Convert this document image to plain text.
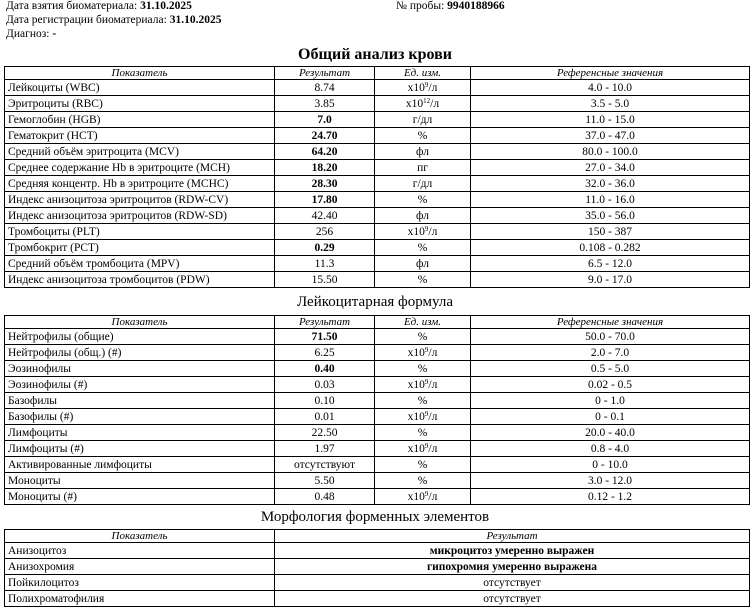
Дата взятия биоматериала: 31.10.2025
Дата регистрации биоматериала: 31.10.2025
Диагноз: -
№ пробы: 9940188966
Общий анализ крови
Показатель	Результат	Ед. изм.	Референсные значения
Лейкоциты (WBC)	8.74	$x10^9/л$	4.0 - 10.0
Эритроциты (RBC)	3.85	$x10^{12}/л$	3.5 - 5.0
Гемоглобин (HGB)	7.0	г/дл	11.0 - 15.0
Гематокрит (HCT)	24.70	%	37.0 - 47.0
Средний объём эритроцита (MCV)	64.20	фл	80.0 - 100.0
Среднее содержание Hb в эритроците (MCH)	18.20	пг	27.0 - 34.0
Средняя концентр. Hb в эритроците (MCHC)	28.30	г/дл	32.0 - 36.0
Индекс анизоцитоза эритроцитов (RDW-CV)	17.80	%	11.0 - 16.0
Индекс анизоцитоза эритроцитов (RDW-SD)	42.40	фл	35.0 - 56.0
Тромбоциты (PLT)	256	$x10^9/л$	150 - 387
Тромбокрит (PCT)	0.29	%	0.108 - 0.282
Средний объём тромбоцита (MPV)	11.3	фл	6.5 - 12.0
Индекс анизоцитоза тромбоцитов (PDW)	15.50	%	9.0 - 17.0
Лейкоцитарная формула
Показатель	Результат	Ед. изм.	Референсные значения
Нейтрофилы (общие)	71.50	%	50.0 - 70.0
Нейтрофилы (общ.) (#)	6.25	$x10^9/л$	2.0 - 7.0
Эозинофилы	0.40	%	0.5 - 5.0
Эозинофилы (#)	0.03	$x10^9/л$	0.02 - 0.5
Базофилы	0.10	%	0 - 1.0
Базофилы (#)	0.01	$x10^9/л$	0 - 0.1
Лимфоциты	22.50	%	20.0 - 40.0
Лимфоциты (#)	1.97	$x10^9/л$	0.8 - 4.0
Активированные лимфоциты	отсутствуют	%	0 - 10.0
Моноциты	5.50	%	3.0 - 12.0
Моноциты (#)	0.48	$x10^9/л$	0.12 - 1.2
Морфология форменных элементов
Показатель	Результат
Анизоцитоз	микроцитоз умеренно выражен
Анизохромия	гипохромия умеренно выражена
Пойкилоцитоз	отсутствует
Полихроматофилия	отсутствует
